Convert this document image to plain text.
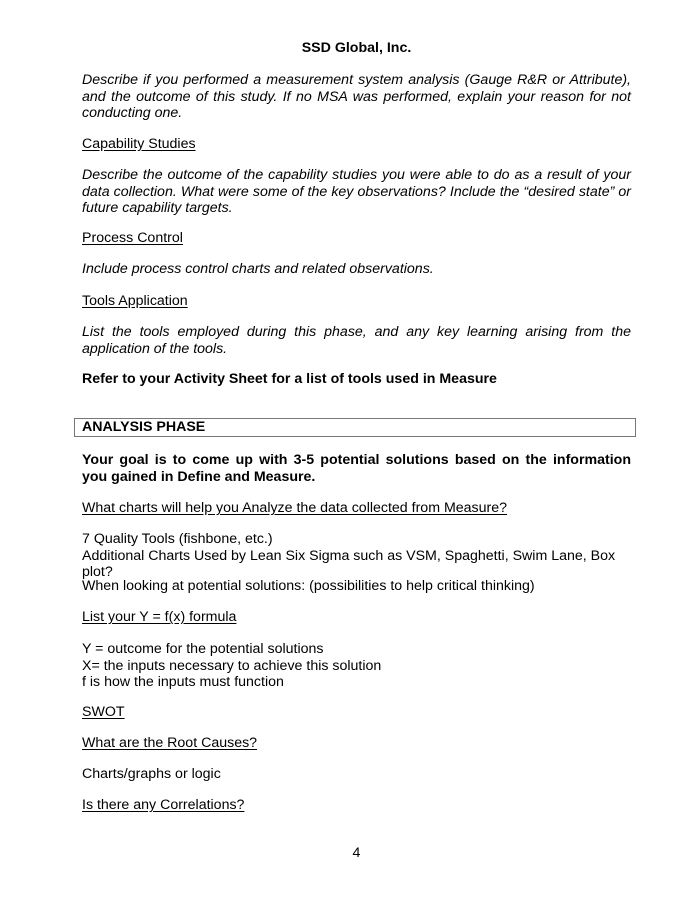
SSD Global, Inc.
Describe if you performed a measurement system analysis (Gauge R&R or Attribute), and the outcome of this study. If no MSA was performed, explain your reason for not conducting one.
Capability Studies
Describe the outcome of the capability studies you were able to do as a result of your data collection. What were some of the key observations? Include the “desired state” or future capability targets.
Process Control
Include process control charts and related observations.
Tools Application
List the tools employed during this phase, and any key learning arising from the application of the tools.
Refer to your Activity Sheet for a list of tools used in Measure
ANALYSIS PHASE
Your goal is to come up with 3-5 potential solutions based on the information you gained in Define and Measure.
What charts will help you Analyze the data collected from Measure?
7 Quality Tools (fishbone, etc.)
Additional Charts Used by Lean Six Sigma such as VSM, Spaghetti, Swim Lane, Box plot?
When looking at potential solutions: (possibilities to help critical thinking)
List your Y = f(x) formula
Y = outcome for the potential solutions
X= the inputs necessary to achieve this solution
f is how the inputs must function
SWOT
What are the Root Causes?
Charts/graphs or logic
Is there any Correlations?
4
